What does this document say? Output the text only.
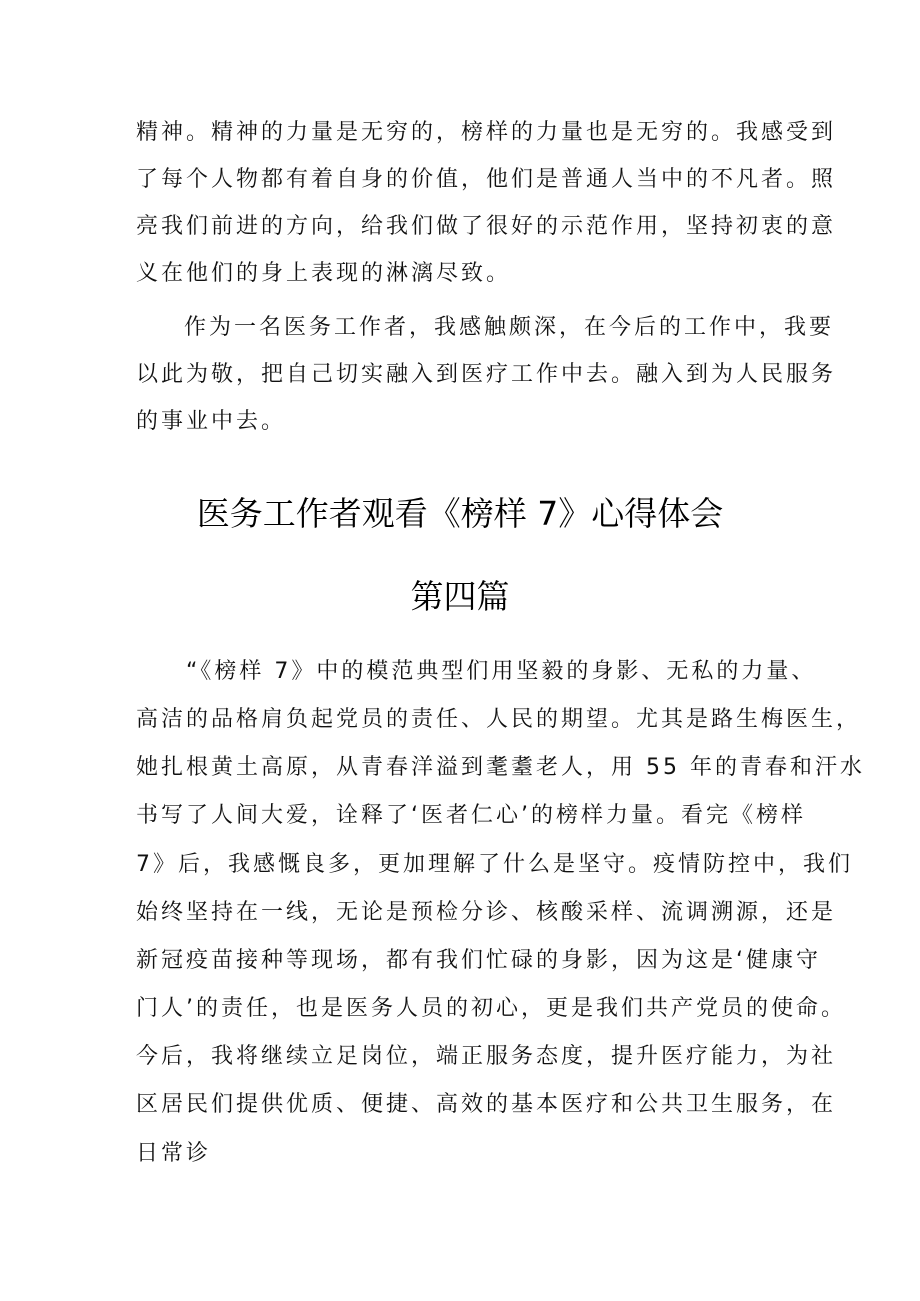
精神。精神的力量是无穷的，榜样的力量也是无穷的。我感受到
了每个人物都有着自身的价值，他们是普通人当中的不凡者。照
亮我们前进的方向，给我们做了很好的示范作用，坚持初衷的意
义在他们的身上表现的淋漓尽致。
作为一名医务工作者，我感触颇深，在今后的工作中，我要
以此为敬，把自己切实融入到医疗工作中去。融入到为人民服务
的事业中去。
医务工作者观看《榜样 7》心得体会
第四篇
“《榜样 7》中的模范典型们用坚毅的身影、无私的力量、
高洁的品格肩负起党员的责任、人民的期望。尤其是路生梅医生，
她扎根黄土高原，从青春洋溢到耄耋老人，用 55 年的青春和汗水
书写了人间大爱，诠释了‘医者仁心’的榜样力量。看完《榜样
7》后，我感慨良多，更加理解了什么是坚守。疫情防控中，我们
始终坚持在一线，无论是预检分诊、核酸采样、流调溯源，还是
新冠疫苗接种等现场，都有我们忙碌的身影，因为这是‘健康守
门人’的责任，也是医务人员的初心，更是我们共产党员的使命。
今后，我将继续立足岗位，端正服务态度，提升医疗能力，为社
区居民们提供优质、便捷、高效的基本医疗和公共卫生服务，在
日常诊
